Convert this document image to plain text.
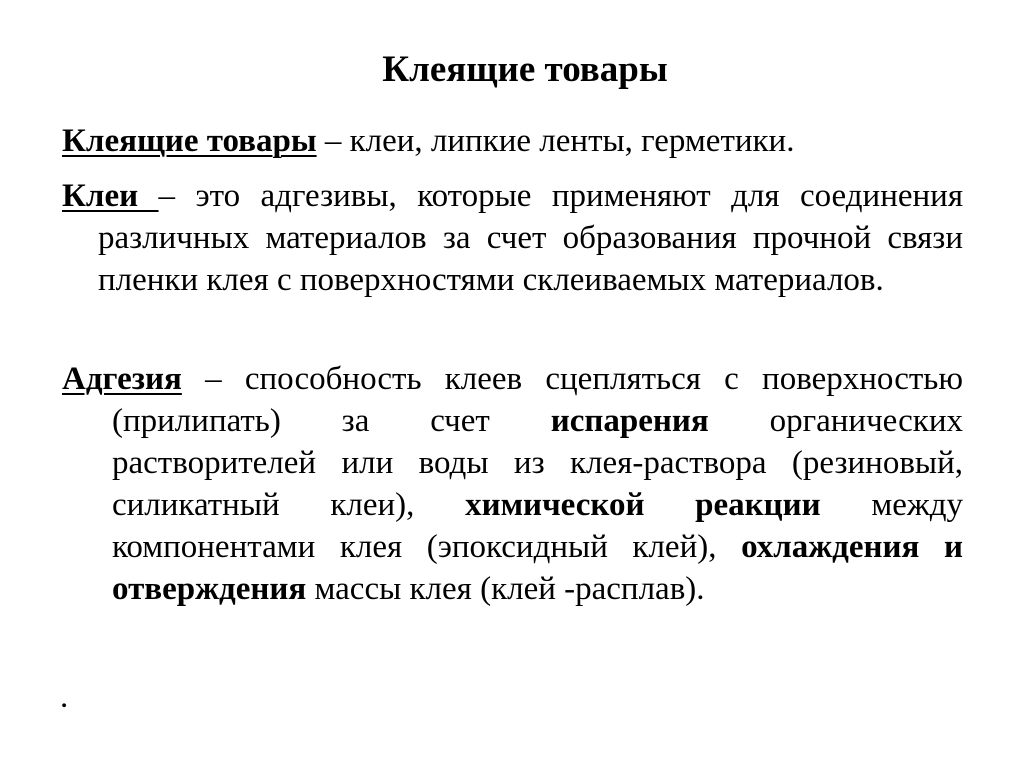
Клеящие товары
Клеящие товары – клеи, липкие ленты, герметики.
Клеи – это адгезивы, которые применяют для соединения различных материалов за счет образования прочной связи пленки клея с поверхностями склеиваемых материалов.
Адгезия – способность клеев сцепляться с поверхностью (прилипать) за счет испарения органических растворителей или воды из клея-раствора (резиновый, силикатный клеи), химической реакции между компонентами клея (эпоксидный клей), охлаждения и отверждения массы клея (клей -расплав).
.
